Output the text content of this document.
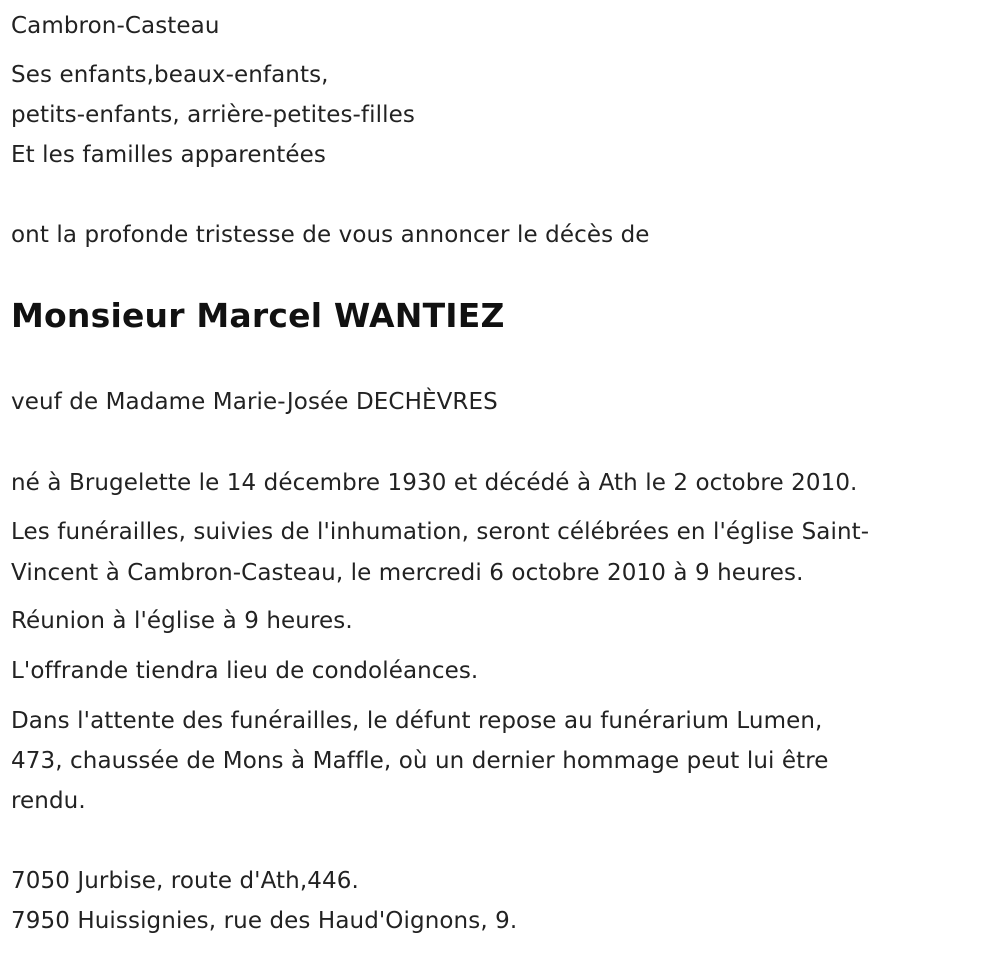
Cambron-Casteau
Ses enfants,beaux-enfants,
petits-enfants, arrière-petites-filles
Et les familles apparentées
ont la profonde tristesse de vous annoncer le décès de
Monsieur Marcel WANTIEZ
veuf de Madame Marie-Josée DECHÈVRES
né à Brugelette le 14 décembre 1930 et décédé à Ath le 2 octobre 2010.
Les funérailles, suivies de l'inhumation, seront célébrées en l'église Saint-
Vincent à Cambron-Casteau, le mercredi 6 octobre 2010 à 9 heures.
Réunion à l'église à 9 heures.
L'offrande tiendra lieu de condoléances.
Dans l'attente des funérailles, le défunt repose au funérarium Lumen,
473, chaussée de Mons à Maffle, où un dernier hommage peut lui être
rendu.
7050 Jurbise, route d'Ath,446.
7950 Huissignies, rue des Haud'Oignons, 9.
